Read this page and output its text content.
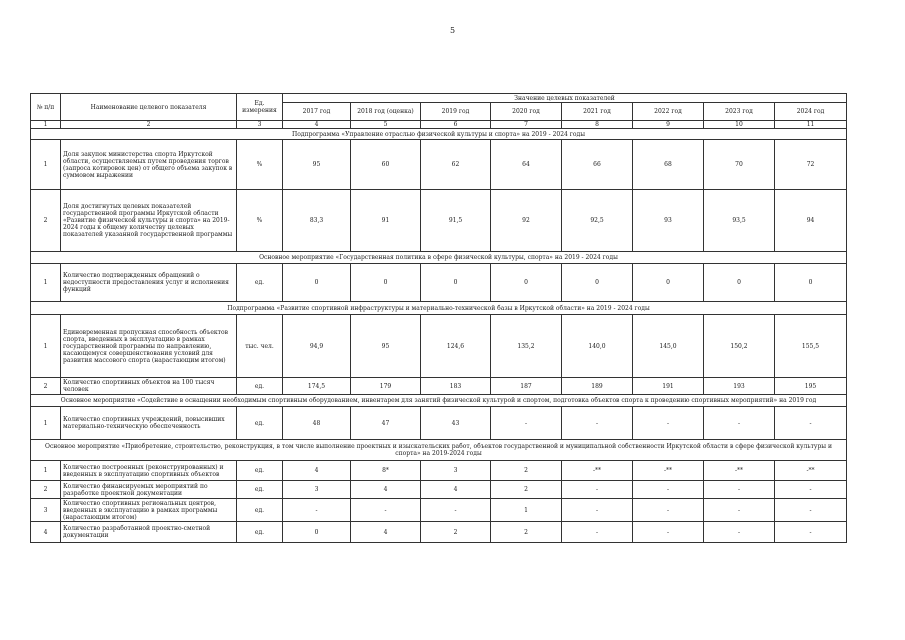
5
№ п/п	Наименование целевого показателя	Ед. измерения	Значение целевых показателей							
			2017 год	2018 год (оценка)	2019 год	2020 год	2021 год	2022 год	2023 год	2024 год
1	2	3	4	5	6	7	8	9	10	11
Подпрограмма «Управление отраслью физической культуры и спорта» на 2019 - 2024 годы										
1	Доля закупок министерства спорта Иркутской области, осуществляемых путем проведения торгов (запроса котировок цен) от общего объема закупок в суммовом выражении	%	95	60	62	64	66	68	70	72
2	Доля достигнутых целевых показателей государственной программы Иркутской области «Развитие физической культуры и спорта» на 2019-2024 годы к общему количеству целевых показателей указанной государственной программы	%	83,3	91	91,5	92	92,5	93	93,5	94
Основное мероприятие «Государственная политика в сфере физической культуры, спорта» на 2019 - 2024 годы										
1	Количество подтвержденных обращений о недоступности предоставления услуг и исполнения функций	ед.	0	0	0	0	0	0	0	0
Подпрограмма «Развитие спортивной инфраструктуры и материально-технической базы в Иркутской области» на 2019 - 2024 годы										
1	Единовременная пропускная способность объектов спорта, введенных в эксплуатацию в рамках государственной программы по направлению, касающемуся совершенствования условий для развития массового спорта (нарастающим итогом)	тыс. чел.	94,9	95	124,6	135,2	140,0	145,0	150,2	155,5
2	Количество спортивных объектов на 100 тысяч человек	ед.	174,5	179	183	187	189	191	193	195
Основное мероприятие «Содействие в оснащении необходимым спортивным оборудованием, инвентарем для занятий физической культурой и спортом, подготовка объектов спорта к проведению спортивных мероприятий» на 2019 год										
1	Количество спортивных учреждений, повысивших материально-техническую обеспеченность	ед.	48	47	43	-	-	-	-	-
Основное мероприятие «Приобретение, строительство, реконструкция, в том числе выполнение проектных и изыскательских работ, объектов государственной и муниципальной собственности Иркутской области в сфере физической культуры и спорта» на 2019-2024 годы										
1	Количество построенных (реконструированных) и введенных в эксплуатацию спортивных объектов	ед.	4	8*	3	2	-**	-**	-**	-**
2	Количество финансируемых мероприятий по разработке проектной документации	ед.	3	4	4	2	-	-	-	-
3	Количество спортивных региональных центров, введенных в эксплуатацию в рамках программы (нарастающим итогом)	ед.	-	-	-	1	-	-	-	-
4	Количество разработанной проектно-сметной документации	ед.	0	4	2	2	-	-	-	-
